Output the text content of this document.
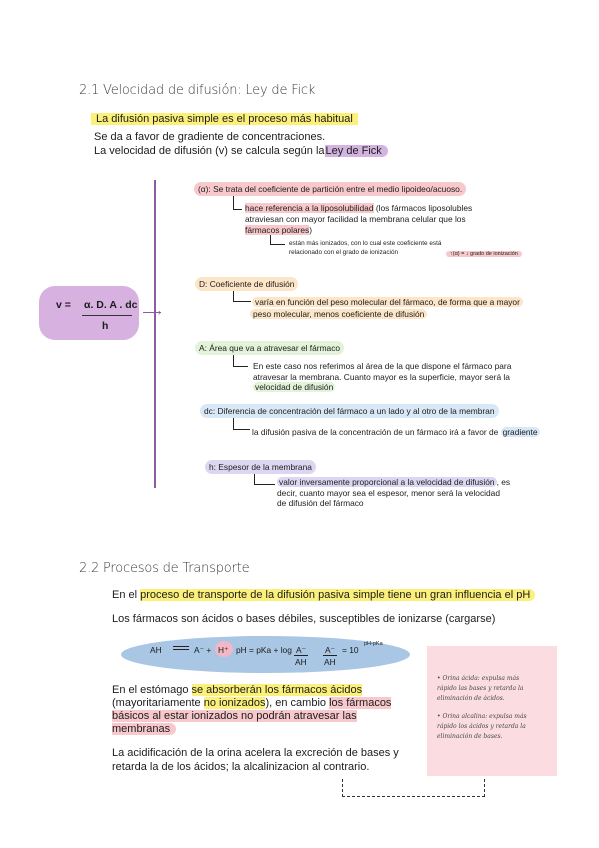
2.1 Velocidad de difusión: Ley de Fick
La difusión pasiva simple es el proceso más habitual
Se da a favor de gradiente de concentraciones.
La velocidad de difusión (v) se calcula según laLey de Fick
v = α. D. A . dc
h
›
(α): Se trata del coeficiente de partición entre el medio lipoideo/acuoso.
hace referencia a la liposolubilidad (los fármacos liposolubles
atraviesan con mayor facilidad la membrana celular que los
fármacos polares)
están más ionizados, con lo cual este coeficiente está
relacionado con el grado de ionización	↑(α) = ↓ grado de ionización
D: Coeficiente de difusión
varía en función del peso molecular del fármaco, de forma que a mayor
peso molecular, menos coeficiente de difusión
A: Área que va a atravesar el fármaco
En este caso nos referimos al área de la que dispone el fármaco para
atravesar la membrana. Cuanto mayor es la superficie, mayor será la
velocidad de difusión
dc: Diferencia de concentración del fármaco a un lado y al otro de la membran
la difusión pasiva de la concentración de un fármaco irá a favor de gradiente
h: Espesor de la membrana
valor inversamente proporcional a la velocidad de difusión , es
decir, cuanto mayor sea el espesor, menor será la velocidad
de difusión del fármaco
2.2 Procesos de Transporte
En el proceso de transporte de la difusión pasiva simple tiene un gran influencia el pH
Los fármacos son ácidos o bases débiles, susceptibles de ionizarse (cargarse)
AH	A⁻ + H⁺ pH = pKa + log A⁻
AH
A⁻
AH
= 10
pH-pKa
En el estómago se absorberán los fármacos ácidos
(mayoritariamente no ionizados), en cambio los fármacos
básicos al estar ionizados no podrán atravesar las
membranas
La acidificación de la orina acelera la excreción de bases y
retarda la de los ácidos; la alcalinizacion al contrario.
• Orina ácida: expulsa más
rápido las bases y retarda la
eliminación de ácidos.
• Orina alcalina: expulsa más
rápido los ácidos y retarda la
eliminación de bases.
